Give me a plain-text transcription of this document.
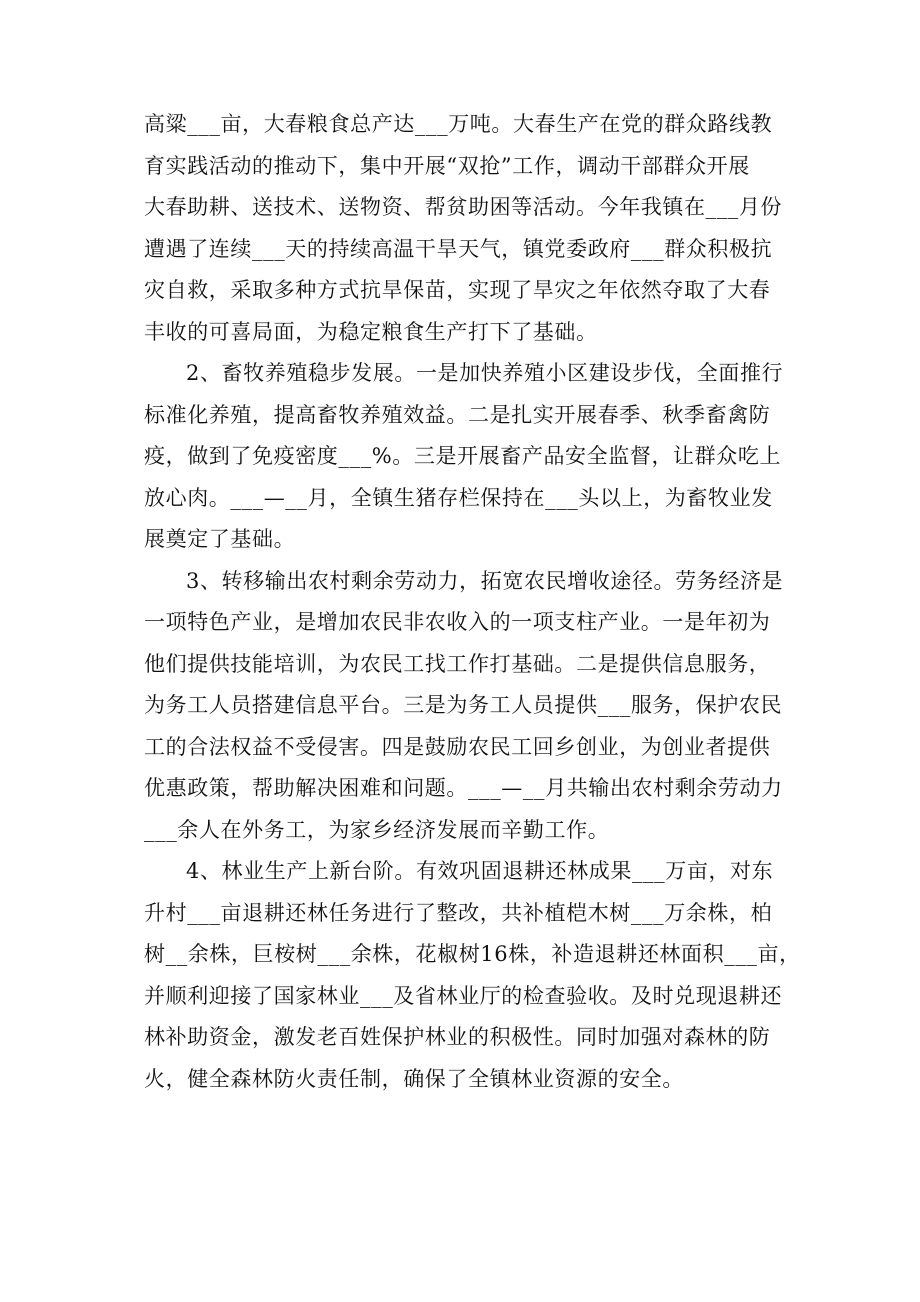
高粱___亩，大春粮食总产达___万吨。大春生产在党的群众路线教
育实践活动的推动下，集中开展“双抢”工作，调动干部群众开展
大春助耕、送技术、送物资、帮贫助困等活动。今年我镇在___月份
遭遇了连续___天的持续高温干旱天气，镇党委政府___群众积极抗
灾自救，采取多种方式抗旱保苗，实现了旱灾之年依然夺取了大春
丰收的可喜局面，为稳定粮食生产打下了基础。
2、畜牧养殖稳步发展。一是加快养殖小区建设步伐，全面推行
标准化养殖，提高畜牧养殖效益。二是扎实开展春季、秋季畜禽防
疫，做到了免疫密度___%。三是开展畜产品安全监督，让群众吃上
放心肉。___—__月，全镇生猪存栏保持在___头以上，为畜牧业发
展奠定了基础。
3、转移输出农村剩余劳动力，拓宽农民增收途径。劳务经济是
一项特色产业，是增加农民非农收入的一项支柱产业。一是年初为
他们提供技能培训，为农民工找工作打基础。二是提供信息服务，
为务工人员搭建信息平台。三是为务工人员提供___服务，保护农民
工的合法权益不受侵害。四是鼓励农民工回乡创业，为创业者提供
优惠政策，帮助解决困难和问题。___—__月共输出农村剩余劳动力
___余人在外务工，为家乡经济发展而辛勤工作。
4、林业生产上新台阶。有效巩固退耕还林成果___万亩，对东
升村___亩退耕还林任务进行了整改，共补植桤木树___万余株，柏
树__余株，巨桉树___余株，花椒树16株，补造退耕还林面积___亩，
并顺利迎接了国家林业___及省林业厅的检查验收。及时兑现退耕还
林补助资金，激发老百姓保护林业的积极性。同时加强对森林的防
火，健全森林防火责任制，确保了全镇林业资源的安全。
